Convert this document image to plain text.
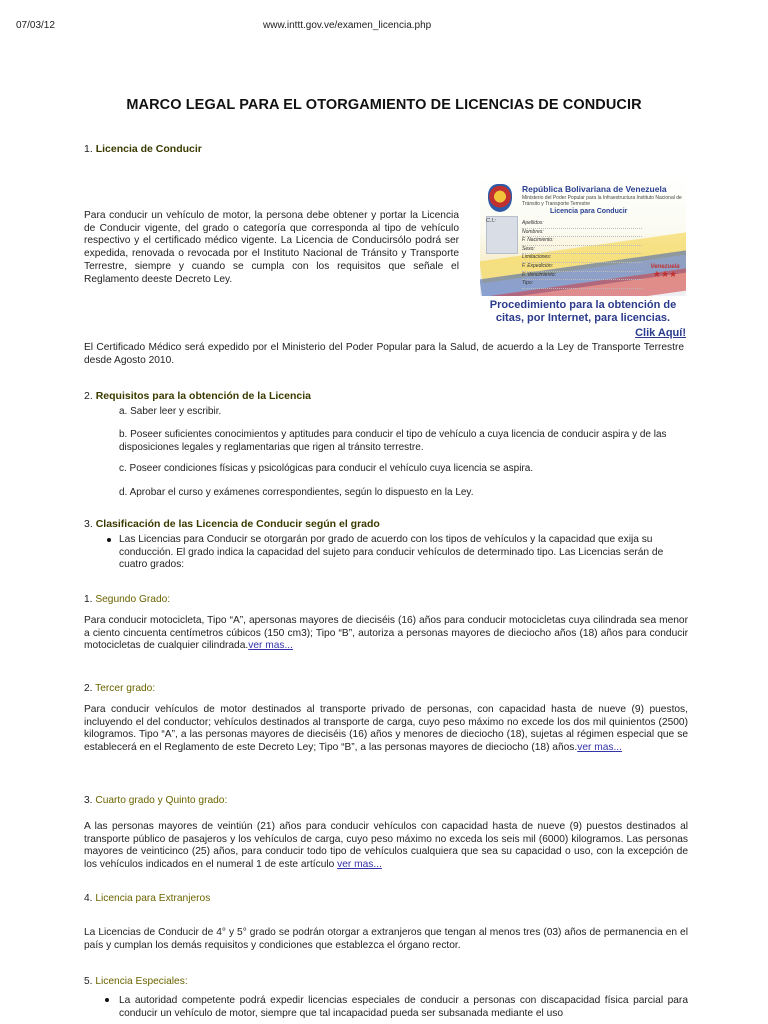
07/03/12	www.inttt.gov.ve/examen_licencia.php
MARCO LEGAL PARA EL OTORGAMIENTO DE LICENCIAS DE CONDUCIR
1. Licencia de Conducir

Para conducir un vehículo de motor, la persona debe obtener y portar la Licencia de Conducir vigente, del grado o categoría que corresponda al tipo de vehículo respectivo y el certificado médico vigente. La Licencia de Conducirsólo podrá ser expedida, renovada o revocada por el Instituto Nacional de Tránsito y Transporte Terrestre, siempre y cuando se cumpla con los requisitos que señale el Reglamento deeste Decreto Ley.

República Bolivariana de Venezuela
Ministerio del Poder Popular para la Infraestructura Instituto Nacional de Tránsito y Transporte Terrestre
Licencia para Conducir
C.I.:	Apellidos:
Nombres:
F. Nacimiento:
Sexo:
Limitaciones:
F. Expedición:
F. Vencimiento:
Tipo:
Venezuela
★★★
Procedimiento para la obtención de citas, por Internet, para licencias.
Clik Aquí!

El Certificado Médico será expedido por el Ministerio del Poder Popular para la Salud, de acuerdo a la Ley de Transporte Terrestre desde Agosto 2010.

2. Requisitos para la obtención de la Licencia

a. Saber leer y escribir.

b. Poseer suficientes conocimientos y aptitudes para conducir el tipo de vehículo a cuya licencia de conducir aspira y de las disposiciones legales y reglamentarias que rigen al tránsito terrestre.

c. Poseer condiciones físicas y psicológicas para conducir el vehículo cuya licencia se aspira.

d. Aprobar el curso y exámenes correspondientes, según lo dispuesto en la Ley.

3. Clasificación de las Licencia de Conducir según el grado

Las Licencias para Conducir se otorgarán por grado de acuerdo con los tipos de vehículos y la capacidad que exija su conducción. El grado indica la capacidad del sujeto para conducir vehículos de determinado tipo. Las Licencias serán de cuatro grados:

1. Segundo Grado:

Para conducir motocicleta, Tipo “A”, apersonas mayores de dieciséis (16) años para conducir motocicletas cuya cilindrada sea menor a ciento cincuenta centímetros cúbicos (150 cm3); Tipo “B”, autoriza a personas mayores de dieciocho años (18) años para conducir motocicletas de cualquier cilindrada.ver mas...

2. Tercer grado:

Para conducir vehículos de motor destinados al transporte privado de personas, con capacidad hasta de nueve (9) puestos, incluyendo el del conductor; vehículos destinados al transporte de carga, cuyo peso máximo no excede los dos mil quinientos (2500) kilogramos. Tipo “A”, a las personas mayores de dieciséis (16) años y menores de dieciocho (18), sujetas al régimen especial que se establecerá en el Reglamento de este Decreto Ley; Tipo “B”, a las personas mayores de dieciocho (18) años.ver mas...

3. Cuarto grado y Quinto grado:

A las personas mayores de veintiún (21) años para conducir vehículos con capacidad hasta de nueve (9) puestos destinados al transporte público de pasajeros y los vehículos de carga, cuyo peso máximo no exceda los seis mil (6000) kilogramos. Las personas mayores de veinticinco (25) años, para conducir todo tipo de vehículos cualquiera que sea su capacidad o uso, con la excepción de los vehículos indicados en el numeral 1 de este artículo ver mas...

4. Licencia para Extranjeros

La Licencias de Conducir de 4° y 5° grado se podrán otorgar a extranjeros que tengan al menos tres (03) años de permanencia en el país y cumplan los demás requisitos y condiciones que establezca el órgano rector.

5. Licencia Especiales:

La autoridad competente podrá expedir licencias especiales de conducir a personas con discapacidad física parcial para conducir un vehículo de motor, siempre que tal incapacidad pueda ser subsanada mediante el uso
